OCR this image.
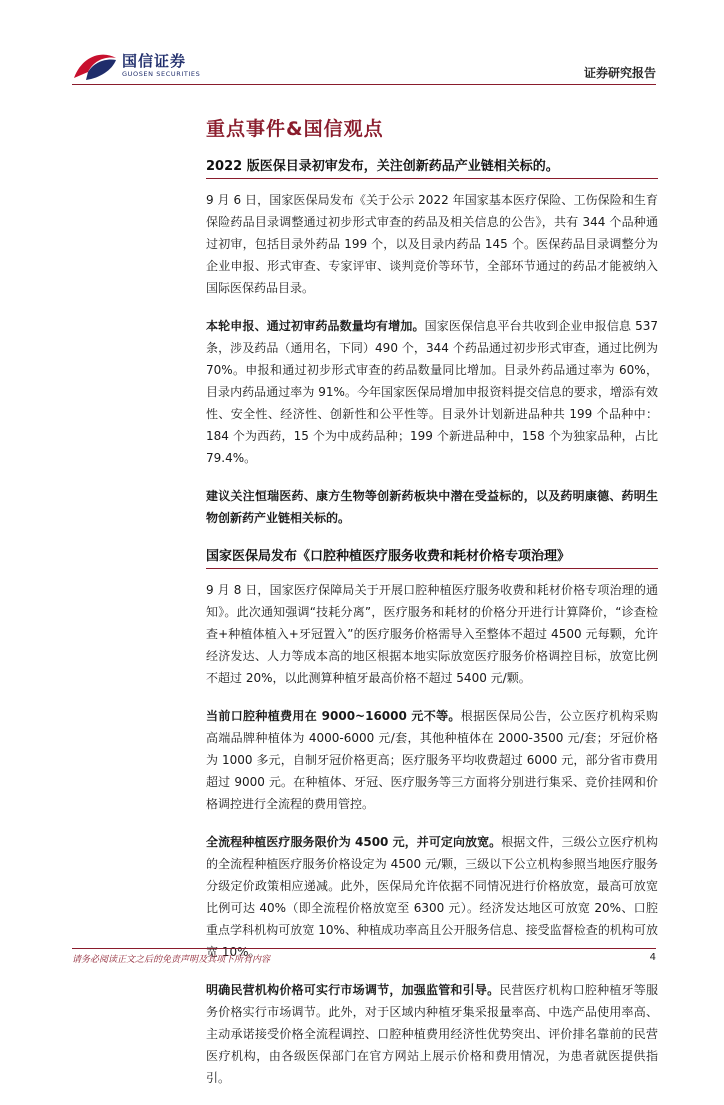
国信证券
GUOSEN SECURITIES	证券研究报告
重点事件&国信观点
2022 版医保目录初审发布，关注创新药品产业链相关标的。

9 月 6 日，国家医保局发布《关于公示 2022 年国家基本医疗保险、工伤保险和生育保险药品目录调整通过初步形式审查的药品及相关信息的公告》，共有 344 个品种通过初审，包括目录外药品 199 个，以及目录内药品 145 个。医保药品目录调整分为企业申报、形式审查、专家评审、谈判竞价等环节，全部环节通过的药品才能被纳入国际医保药品目录。

本轮申报、通过初审药品数量均有增加。国家医保信息平台共收到企业申报信息 537 条，涉及药品（通用名，下同）490 个，344 个药品通过初步形式审查，通过比例为 70%。申报和通过初步形式审查的药品数量同比增加。目录外药品通过率为 60%，目录内药品通过率为 91%。今年国家医保局增加申报资料提交信息的要求，增添有效性、安全性、经济性、创新性和公平性等。目录外计划新进品种共 199 个品种中：184 个为西药，15 个为中成药品种；199 个新进品种中，158 个为独家品种，占比 79.4%。

建议关注恒瑞医药、康方生物等创新药板块中潜在受益标的，以及药明康德、药明生物创新药产业链相关标的。

国家医保局发布《口腔种植医疗服务收费和耗材价格专项治理》

9 月 8 日，国家医疗保障局关于开展口腔种植医疗服务收费和耗材价格专项治理的通知》。此次通知强调“技耗分离”，医疗服务和耗材的价格分开进行计算降价，“诊查检查+种植体植入+牙冠置入”的医疗服务价格需导入至整体不超过 4500 元每颗，允许经济发达、人力等成本高的地区根据本地实际放宽医疗服务价格调控目标，放宽比例不超过 20%，以此测算种植牙最高价格不超过 5400 元/颗。

当前口腔种植费用在 9000~16000 元不等。根据医保局公告，公立医疗机构采购高端品牌种植体为 4000-6000 元/套，其他种植体在 2000-3500 元/套；牙冠价格为 1000 多元，自制牙冠价格更高；医疗服务平均收费超过 6000 元，部分省市费用超过 9000 元。在种植体、牙冠、医疗服务等三方面将分别进行集采、竞价挂网和价格调控进行全流程的费用管控。

全流程种植医疗服务限价为 4500 元，并可定向放宽。根据文件，三级公立医疗机构的全流程种植医疗服务价格设定为 4500 元/颗，三级以下公立机构参照当地医疗服务分级定价政策相应递减。此外，医保局允许依据不同情况进行价格放宽，最高可放宽比例可达 40%（即全流程价格放宽至 6300 元）。经济发达地区可放宽 20%、口腔重点学科机构可放宽 10%、种植成功率高且公开服务信息、接受监督检查的机构可放宽 10%。

明确民营机构价格可实行市场调节，加强监管和引导。民营医疗机构口腔种植牙等服务价格实行市场调节。此外，对于区域内种植牙集采报量率高、中选产品使用率高、主动承诺接受价格全流程调控、口腔种植费用经济性优势突出、评价排名靠前的民营医疗机构，由各级医保部门在官方网站上展示价格和费用情况，为患者就医提供指引。

请务必阅读正文之后的免责声明及其项下所有内容	4
